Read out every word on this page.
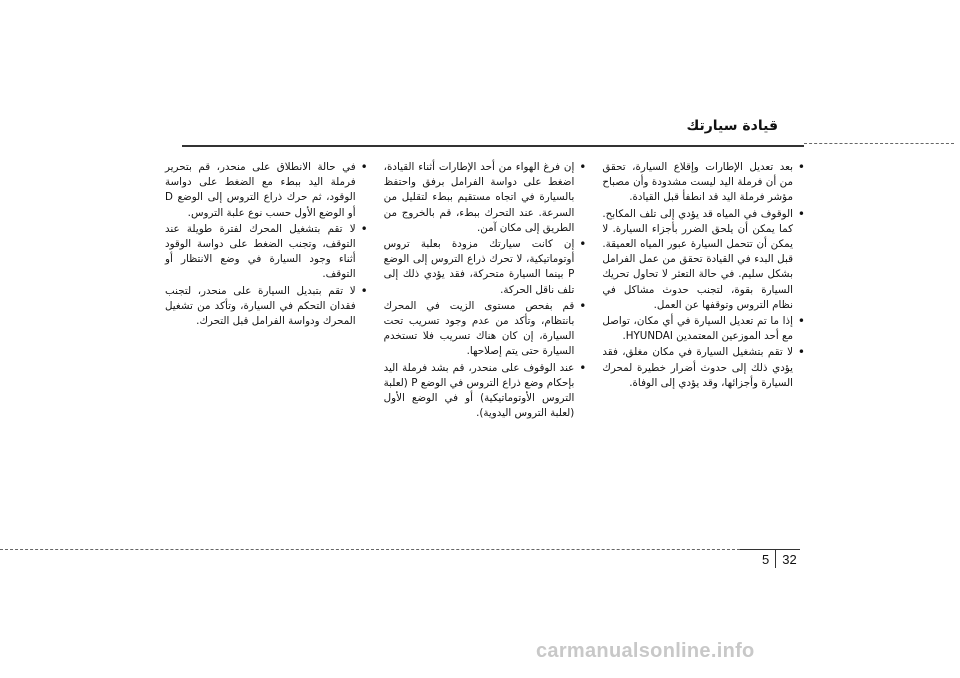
قيادة سيارتك

• بعد تعديل الإطارات وإقلاع السيارة، تحقق من أن فرملة اليد ليست مشدودة وأن مصباح مؤشر فرملة اليد قد انطفأ قبل القيادة.

• الوقوف في المياه قد يؤدي إلى تلف المكابح. كما يمكن أن يلحق الضرر بأجزاء السيارة. لا يمكن أن تتحمل السيارة عبور المياه العميقة. قبل البدء في القيادة تحقق من عمل الفرامل بشكل سليم. في حالة التعثر لا تحاول تحريك السيارة بقوة، لتجنب حدوث مشاكل في نظام التروس وتوقفها عن العمل.

• إذا ما تم تعديل السيارة في أي مكان، تواصل مع أحد الموزعين المعتمدين HYUNDAI.

• لا تقم بتشغيل السيارة في مكان مغلق، فقد يؤدي ذلك إلى حدوث أضرار خطيرة لمحرك السيارة وأجزائها، وقد يؤدي إلى الوفاة.

• إن فرغ الهواء من أحد الإطارات أثناء القيادة، اضغط على دواسة الفرامل برفق واحتفظ بالسيارة في اتجاه مستقيم ببطء لتقليل من السرعة. عند التحرك ببطء، قم بالخروج من الطريق إلى مكان آمن.

• إن كانت سيارتك مزودة بعلبة تروس أوتوماتيكية، لا تحرك ذراع التروس إلى الوضع P بينما السيارة متحركة، فقد يؤدي ذلك إلى تلف ناقل الحركة.

• قم بفحص مستوى الزيت في المحرك بانتظام، وتأكد من عدم وجود تسريب تحت السيارة، إن كان هناك تسريب فلا تستخدم السيارة حتى يتم إصلاحها.

• عند الوقوف على منحدر، قم بشد فرملة اليد بإحكام وضع ذراع التروس في الوضع P (لعلبة التروس الأوتوماتيكية) أو في الوضع الأول (لعلبة التروس اليدوية).

• في حالة الانطلاق على منحدر، قم بتحرير فرملة اليد ببطء مع الضغط على دواسة الوقود، ثم حرك ذراع التروس إلى الوضع D أو الوضع الأول حسب نوع علبة التروس.

• لا تقم بتشغيل المحرك لفترة طويلة عند التوقف، وتجنب الضغط على دواسة الوقود أثناء وجود السيارة في وضع الانتظار أو التوقف.

• لا تقم بتبديل السيارة على منحدر، لتجنب فقدان التحكم في السيارة، وتأكد من تشغيل المحرك ودواسة الفرامل قبل التحرك.

5	32
carmanualsonline.info
